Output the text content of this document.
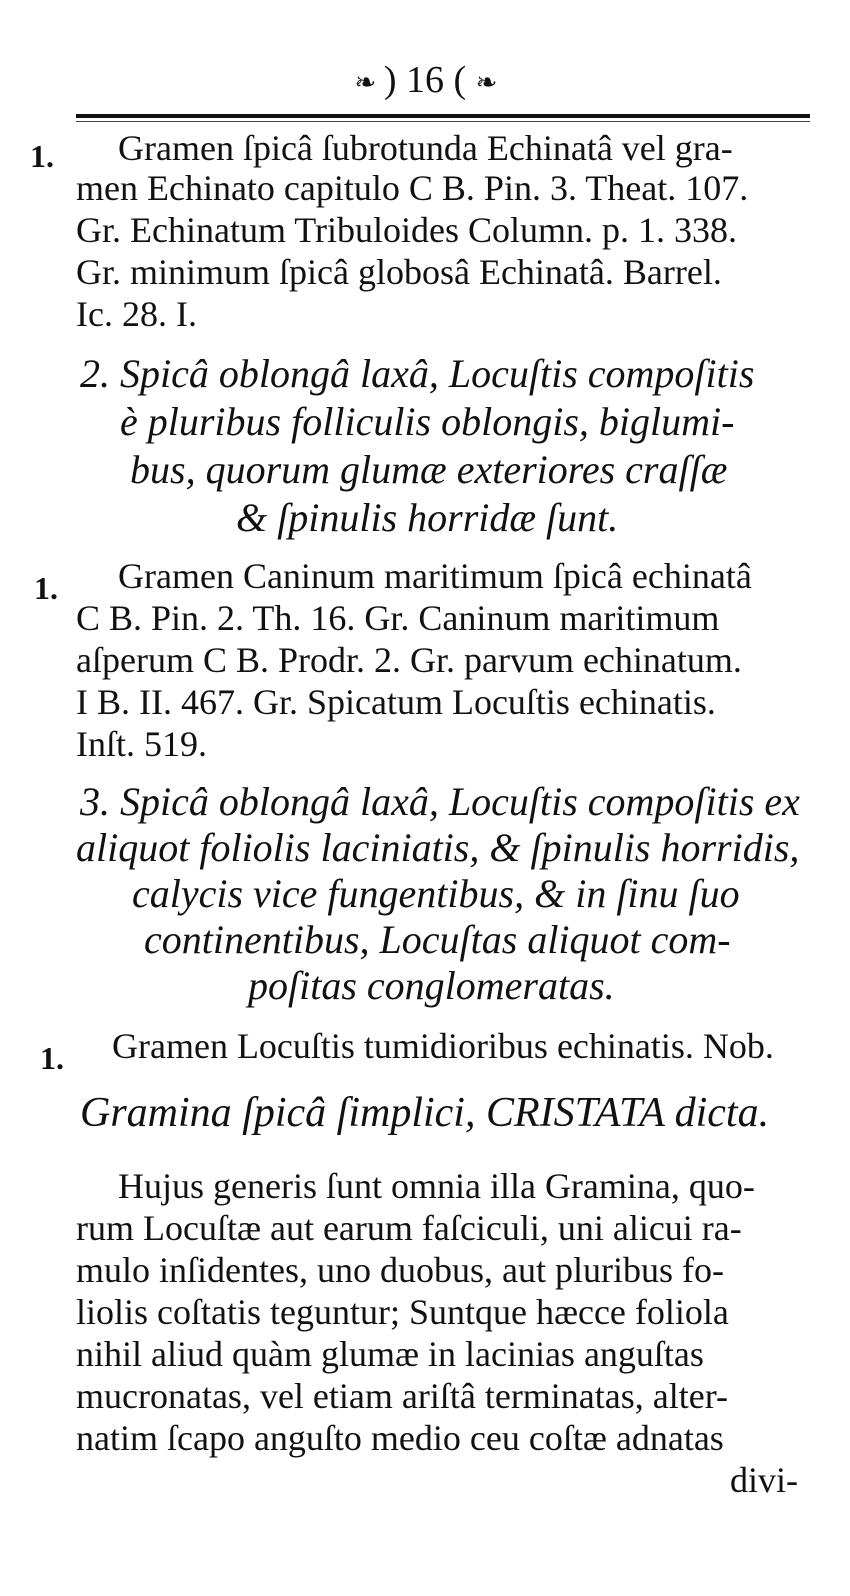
❧ ) 16 ( ❧
1. Gramen ſpicâ ſubrotunda Echinatâ vel gra-
men Echinato capitulo C B. Pin. 3. Theat. 107.
Gr. Echinatum Tribuloides Column. p. 1. 338.
Gr. minimum ſpicâ globosâ Echinatâ. Barrel.
Ic. 28. I.
2. Spicâ oblongâ laxâ, Locuſtis compoſitis
è pluribus folliculis oblongis, biglumi-
bus, quorum glumæ exteriores craſſæ
& ſpinulis horridæ ſunt.
1. Gramen Caninum maritimum ſpicâ echinatâ
C B. Pin. 2. Th. 16. Gr. Caninum maritimum
aſperum C B. Prodr. 2. Gr. parvum echinatum.
I B. II. 467. Gr. Spicatum Locuſtis echinatis.
Inſt. 519.
3. Spicâ oblongâ laxâ, Locuſtis compoſitis ex
aliquot foliolis laciniatis, & ſpinulis horridis,
calycis vice fungentibus, & in ſinu ſuo
continentibus, Locuſtas aliquot com-
poſitas conglomeratas.
1. Gramen Locuſtis tumidioribus echinatis. Nob.
Gramina ſpicâ ſimplici, CRISTATA dicta.
Hujus generis ſunt omnia illa Gramina, quo-
rum Locuſtæ aut earum faſciculi, uni alicui ra-
mulo inſidentes, uno duobus, aut pluribus fo-
liolis coſtatis teguntur; Suntque hæcce foliola
nihil aliud quàm glumæ in lacinias anguſtas
mucronatas, vel etiam ariſtâ terminatas, alter-
natim ſcapo anguſto medio ceu coſtæ adnatas
divi-
